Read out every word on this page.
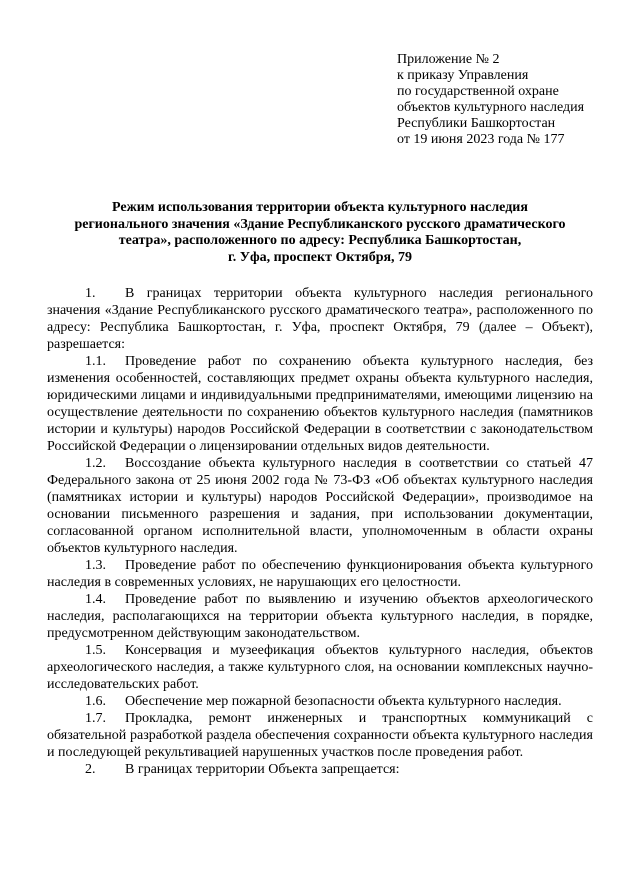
Приложение № 2
к приказу Управления
по государственной охране
объектов культурного наследия
Республики Башкортостан
от 19 июня 2023 года № 177
Режим использования территории объекта культурного наследия
регионального значения «Здание Республиканского русского драматического
театра», расположенного по адресу: Республика Башкортостан,
г. Уфа, проспект Октября, 79

1. В границах территории объекта культурного наследия регионального значения «Здание Республиканского русского драматического театра», расположенного по адресу: Республика Башкортостан, г. Уфа, проспект Октября, 79 (далее – Объект), разрешается:

1.1. Проведение работ по сохранению объекта культурного наследия, без изменения особенностей, составляющих предмет охраны объекта культурного наследия, юридическими лицами и индивидуальными предпринимателями, имеющими лицензию на осуществление деятельности по сохранению объектов культурного наследия (памятников истории и культуры) народов Российской Федерации в соответствии с законодательством Российской Федерации о лицензировании отдельных видов деятельности.

1.2. Воссоздание объекта культурного наследия в соответствии со статьей 47 Федерального закона от 25 июня 2002 года № 73-ФЗ «Об объектах культурного наследия (памятниках истории и культуры) народов Российской Федерации», производимое на основании письменного разрешения и задания, при использовании документации, согласованной органом исполнительной власти, уполномоченным в области охраны объектов культурного наследия.

1.3. Проведение работ по обеспечению функционирования объекта культурного наследия в современных условиях, не нарушающих его целостности.

1.4. Проведение работ по выявлению и изучению объектов археологического наследия, располагающихся на территории объекта культурного наследия, в порядке, предусмотренном действующим законодательством.

1.5. Консервация и музеефикация объектов культурного наследия, объектов археологического наследия, а также культурного слоя, на основании комплексных научно-исследовательских работ.

1.6. Обеспечение мер пожарной безопасности объекта культурного наследия.

1.7. Прокладка, ремонт инженерных и транспортных коммуникаций с обязательной разработкой раздела обеспечения сохранности объекта культурного наследия и последующей рекультивацией нарушенных участков после проведения работ.

2. В границах территории Объекта запрещается:
